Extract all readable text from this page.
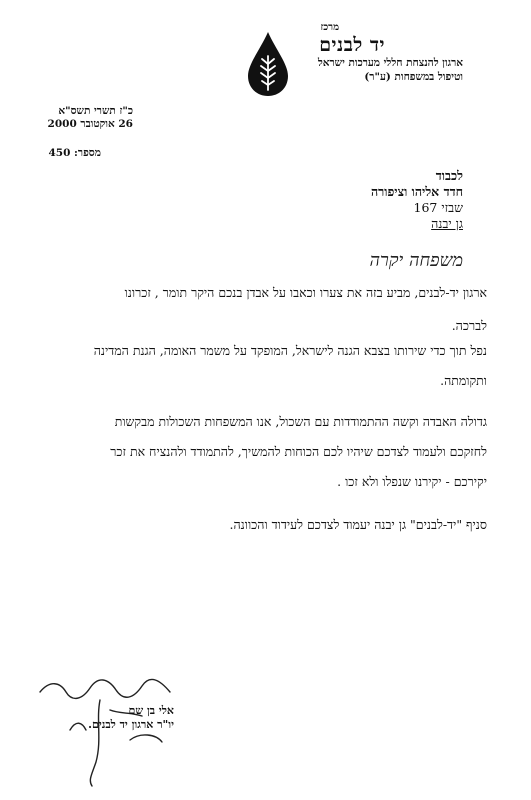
מרכז
יד לבנים
ארגון להנצחת חללי מערכות ישראל
וטיפול במשפחות (ע"ר)
כ"ז תשרי תשס"א
26 אוקטובר 2000
מספר: 450
לכבוד
חדד אליהו וציפורה
שבזי 167
גן יבנה
משפחה יקרה
ארגון יד-לבנים, מביע בזה את צערו וכאבו על אבדן בנכם היקר תומר , זכרונו
לברכה.
נפל תוך כדי שירותו בצבא הגנה לישראל, המופקד על משמר האומה, הגנת המדינה
ותקומתה.
גדולה האבדה וקשה ההתמודדות עם השכול, אנו המשפחות השכולות מבקשות
לחזקכם ולעמוד לצדכם שיהיו לכם הכוחות להמשיך, להתמודד ולהנציח את זכר
יקירכם - יקירנו שנפלו ולא זכו .
סניף "יד-לבנים" גן יבנה יעמוד לצדכם לעידוד והכוונה.
אלי בן שם
יו"ר ארגון יד לבנים.
